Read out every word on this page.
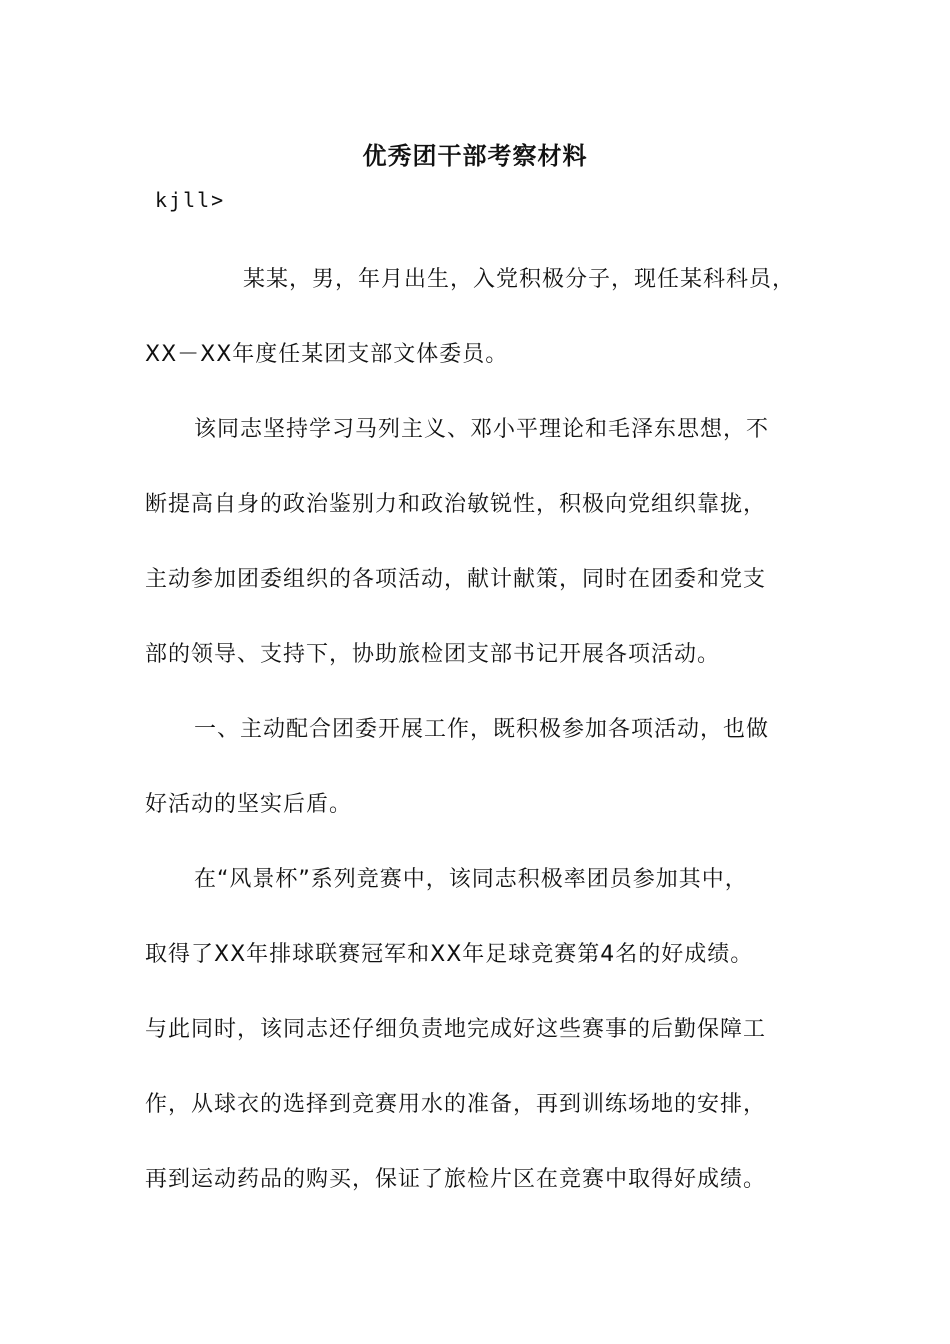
优秀团干部考察材料
kjll>
某某，男，年月出生，入党积极分子，现任某科科员，
XX－XX年度任某团支部文体委员。
该同志坚持学习马列主义、邓小平理论和毛泽东思想，不
断提高自身的政治鉴别力和政治敏锐性，积极向党组织靠拢，
主动参加团委组织的各项活动，献计献策，同时在团委和党支
部的领导、支持下，协助旅检团支部书记开展各项活动。
一、主动配合团委开展工作，既积极参加各项活动，也做
好活动的坚实后盾。
在“风景杯”系列竞赛中，该同志积极率团员参加其中，
取得了XX年排球联赛冠军和XX年足球竞赛第4名的好成绩。
与此同时，该同志还仔细负责地完成好这些赛事的后勤保障工
作，从球衣的选择到竞赛用水的准备，再到训练场地的安排，
再到运动药品的购买，保证了旅检片区在竞赛中取得好成绩。
